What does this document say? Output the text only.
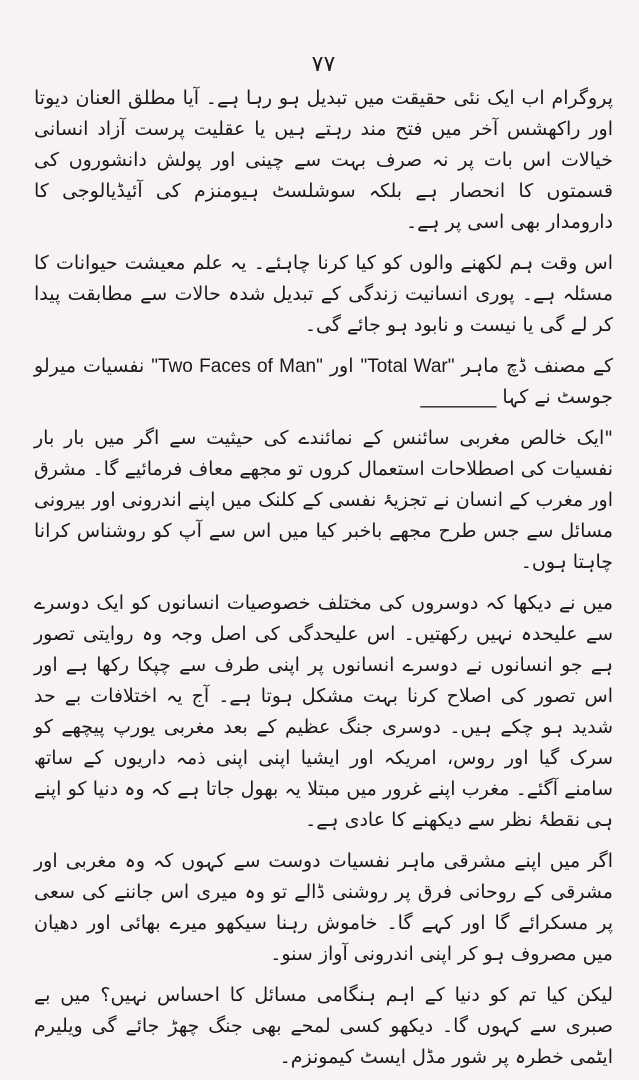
٧٧

پروگرام اب ایک نئی حقیقت میں تبدیل ہو رہا ہے۔ آیا مطلق العنان دیوتا اور راکھشس آخر میں فتح مند رہتے ہیں یا عقلیت پرست آزاد انسانی خیالات اس بات پر نہ صرف بہت سے چینی اور پولش دانشوروں کی قسمتوں کا انحصار ہے بلکہ سوشلسٹ ہیومنزم کی آئیڈیالوجی کا دارومدار بھی اسی پر ہے۔

اس وقت ہم لکھنے والوں کو کیا کرنا چاہئے۔ یہ علم معیشت حیوانات کا مسئلہ ہے۔ پوری انسانیت زندگی کے تبدیل شدہ حالات سے مطابقت پیدا کر لے گی یا نیست و نابود ہو جائے گی۔

کے مصنف ڈچ ماہر "Total War" اور "Two Faces of Man" نفسیات میرلو جوسٹ نے کہا ________

"ایک خالص مغربی سائنس کے نمائندے کی حیثیت سے اگر میں بار بار نفسیات کی اصطلاحات استعمال کروں تو مجھے معاف فرمائیے گا۔ مشرق اور مغرب کے انسان نے تجزیۂ نفسی کے کلنک میں اپنے اندرونی اور بیرونی مسائل سے جس طرح مجھے باخبر کیا میں اس سے آپ کو روشناس کرانا چاہتا ہوں۔

میں نے دیکھا کہ دوسروں کی مختلف خصوصیات انسانوں کو ایک دوسرے سے علیحدہ نہیں رکھتیں۔ اس علیحدگی کی اصل وجہ وہ روایتی تصور ہے جو انسانوں نے دوسرے انسانوں پر اپنی طرف سے چپکا رکھا ہے اور اس تصور کی اصلاح کرنا بہت مشکل ہوتا ہے۔ آج یہ اختلافات بے حد شدید ہو چکے ہیں۔ دوسری جنگ عظیم کے بعد مغربی یورپ پیچھے کو سرک گیا اور روس، امریکہ اور ایشیا اپنی اپنی ذمہ داریوں کے ساتھ سامنے آگئے۔ مغرب اپنے غرور میں مبتلا یہ بھول جاتا ہے کہ وہ دنیا کو اپنے ہی نقطۂ نظر سے دیکھنے کا عادی ہے۔

اگر میں اپنے مشرقی ماہر نفسیات دوست سے کہوں کہ وہ مغربی اور مشرقی کے روحانی فرق پر روشنی ڈالے تو وہ میری اس جاننے کی سعی پر مسکرائے گا اور کہے گا۔ خاموش رہنا سیکھو میرے بھائی اور دھیان میں مصروف ہو کر اپنی اندرونی آواز سنو۔

لیکن کیا تم کو دنیا کے اہم ہنگامی مسائل کا احساس نہیں؟ میں بے صبری سے کہوں گا۔ دیکھو کسی لمحے بھی جنگ چھڑ جائے گی ویلیرم ایٹمی خطرہ پر شور مڈل ایسٹ کیمونزم۔
